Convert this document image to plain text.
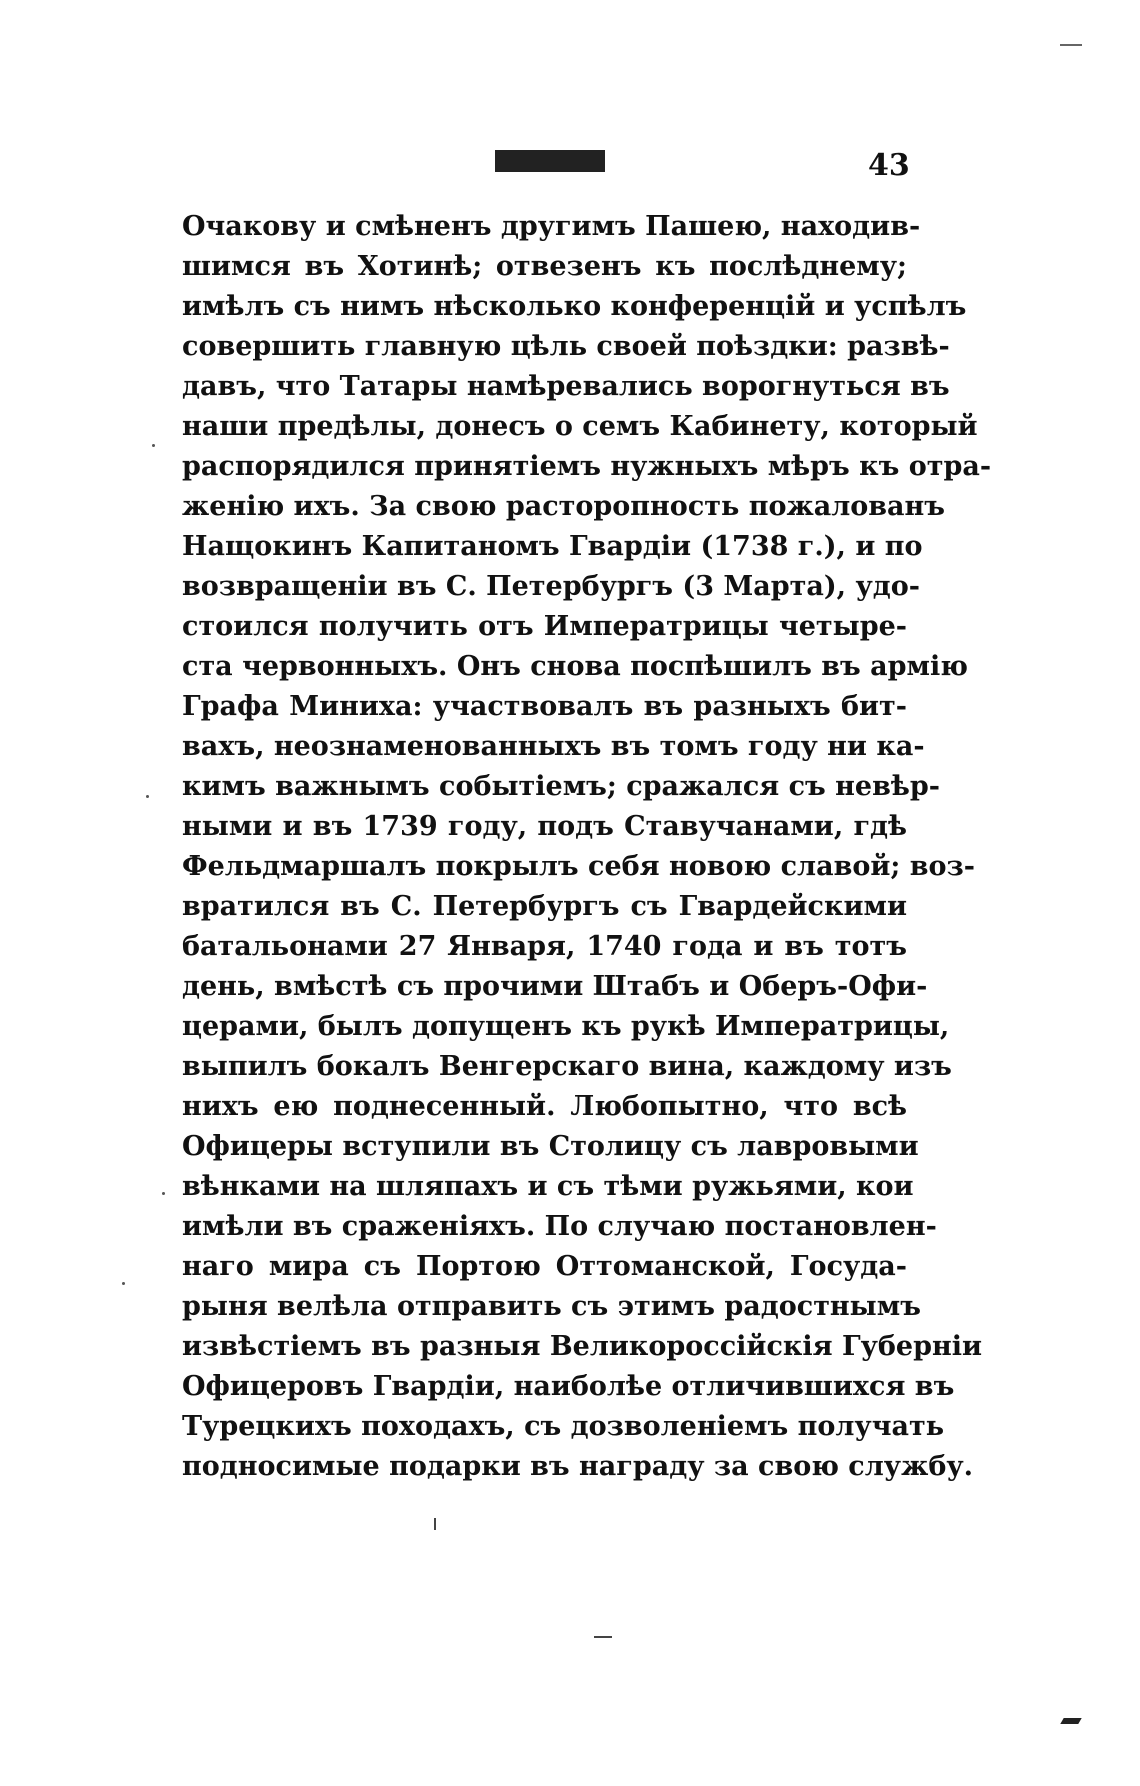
43
Очакову и смѣненъ другимъ Пашею, находив-
шимся въ Хотинѣ; отвезенъ къ послѣднему;
имѣлъ съ нимъ нѣсколько конференцій и успѣлъ
совершить главную цѣль своей поѣздки: развѣ-
давъ, что Татары намѣревались ворогнуться въ
наши предѣлы, донесъ о семъ Кабинету, который
распорядился принятіемъ нужныхъ мѣръ къ отра-
женію ихъ. За свою расторопность пожалованъ
Нащокинъ Капитаномъ Гвардіи (1738 г.), и по
возвращеніи въ С. Петербургъ (3 Марта), удо-
стоился получить отъ Императрицы четыре-
ста червонныхъ. Онъ снова поспѣшилъ въ армію
Графа Миниха: участвовалъ въ разныхъ бит-
вахъ, неознаменованныхъ въ томъ году ни ка-
кимъ важнымъ событіемъ; сражался съ невѣр-
ными и въ 1739 году, подъ Ставучанами, гдѣ
Фельдмаршалъ покрылъ себя новою славой; воз-
вратился въ С. Петербургъ съ Гвардейскими
батальонами 27 Января, 1740 года и въ тотъ
день, вмѣстѣ съ прочими Штабъ и Оберъ-Офи-
церами, былъ допущенъ къ рукѣ Императрицы,
выпилъ бокалъ Венгерскаго вина, каждому изъ
нихъ ею поднесенный. Любопытно, что всѣ
Офицеры вступили въ Столицу съ лавровыми
вѣнками на шляпахъ и съ тѣми ружьями, кои
имѣли въ сраженіяхъ. По случаю постановлен-
наго мира съ Портою Оттоманской, Госуда-
рыня велѣла отправить съ этимъ радостнымъ
извѣстіемъ въ разныя Великороссійскія Губерніи
Офицеровъ Гвардіи, наиболѣе отличившихся въ
Турецкихъ походахъ, съ дозволеніемъ получать
подносимые подарки въ награду за свою службу.
